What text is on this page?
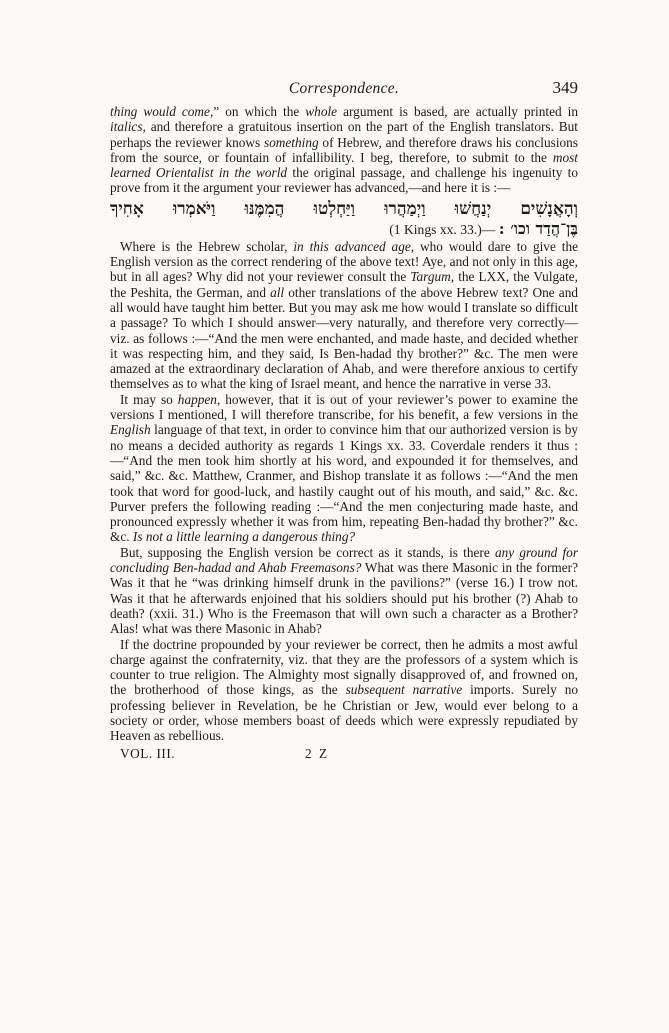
Correspondence.	349

thing would come,” on which the whole argument is based, are actually printed in italics, and therefore a gratuitous insertion on the part of the English translators. But perhaps the reviewer knows something of Hebrew, and therefore draws his conclusions from the source, or fountain of infallibility. I beg, therefore, to submit to the most learned Orientalist in the world the original passage, and challenge his ingenuity to prove from it the argument your reviewer has advanced,—and here it is :—

וְהָאֲנָשִׁים יְנַחֲשׁוּ וַיְמַהֲרוּ וַיַּחְלְטוּ הֲמִמֶּנּוּ וַיֹּאמְרוּ אָחִיךָ
(1 Kings xx. 33.)— בֶּן־הֲדַד וכו׳ :

Where is the Hebrew scholar, in this advanced age, who would dare to give the English version as the correct rendering of the above text! Aye, and not only in this age, but in all ages? Why did not your reviewer consult the Targum, the LXX, the Vulgate, the Peshita, the German, and all other translations of the above Hebrew text? One and all would have taught him better. But you may ask me how would I translate so difficult a passage? To which I should answer—very naturally, and therefore very correctly—viz. as follows :—“And the men were enchanted, and made haste, and decided whether it was respecting him, and they said, Is Ben-hadad thy brother?” &c. The men were amazed at the extraordinary declaration of Ahab, and were therefore anxious to certify themselves as to what the king of Israel meant, and hence the narrative in verse 33.

It may so happen, however, that it is out of your reviewer’s power to examine the versions I mentioned, I will therefore transcribe, for his benefit, a few versions in the English language of that text, in order to convince him that our authorized version is by no means a decided authority as regards 1 Kings xx. 33. Coverdale renders it thus :—“And the men took him shortly at his word, and expounded it for themselves, and said,” &c. &c. Matthew, Cranmer, and Bishop translate it as follows :—“And the men took that word for good-luck, and hastily caught out of his mouth, and said,” &c. &c. Purver prefers the following reading :—“And the men conjecturing made haste, and pronounced expressly whether it was from him, repeating Ben-hadad thy brother?” &c. &c. Is not a little learning a dangerous thing?

But, supposing the English version be correct as it stands, is there any ground for concluding Ben-hadad and Ahab Freemasons? What was there Masonic in the former? Was it that he “was drinking himself drunk in the pavilions?” (verse 16.) I trow not. Was it that he afterwards enjoined that his soldiers should put his brother (?) Ahab to death? (xxii. 31.) Who is the Freemason that will own such a character as a Brother? Alas! what was there Masonic in Ahab?

If the doctrine propounded by your reviewer be correct, then he admits a most awful charge against the confraternity, viz. that they are the professors of a system which is counter to true religion. The Almighty most signally disapproved of, and frowned on, the brotherhood of those kings, as the subsequent narrative imports. Surely no professing believer in Revelation, be he Christian or Jew, would ever belong to a society or order, whose members boast of deeds which were expressly repudiated by Heaven as rebellious.

VOL. III.	2 Z
